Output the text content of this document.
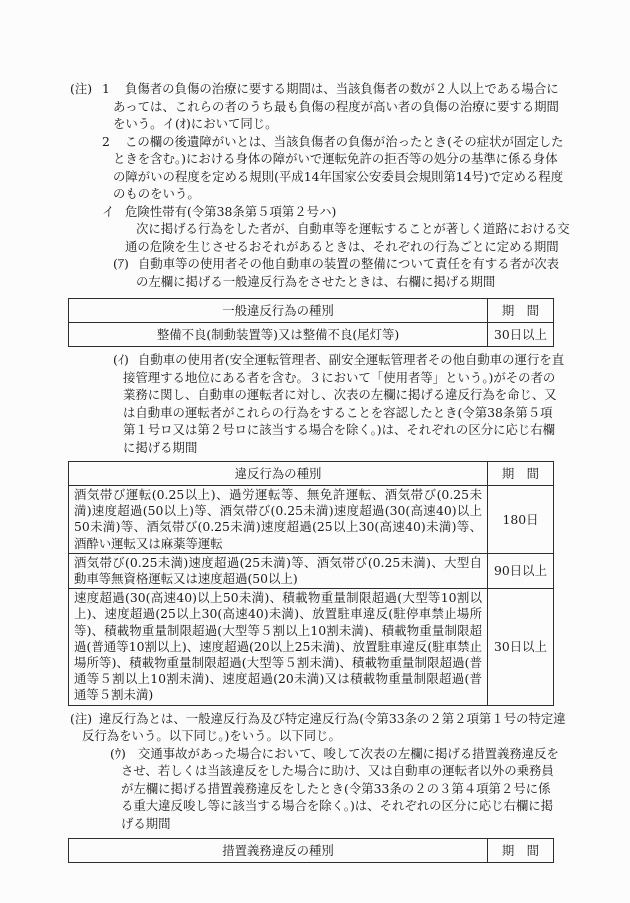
(注) 1 負傷者の負傷の治療に要する期間は、当該負傷者の数が２人以上である場合に
あっては、これらの者のうち最も負傷の程度が高い者の負傷の治療に要する期間
をいう。イ(ｵ)において同じ。
2 この欄の後遺障がいとは、当該負傷者の負傷が治ったとき(その症状が固定した
ときを含む。)における身体の障がいで運転免許の拒否等の処分の基準に係る身体
の障がいの程度を定める規則(平成14年国家公安委員会規則第14号)で定める程度
のものをいう。
イ 危険性帯有(令第38条第５項第２号ハ)
次に掲げる行為をした者が、自動車等を運転することが著しく道路における交
通の危険を生じさせるおそれがあるときは、それぞれの行為ごとに定める期間
(ｱ) 自動車等の使用者その他自動車の装置の整備について責任を有する者が次表
の左欄に掲げる一般違反行為をさせたときは、右欄に掲げる期間
一般違反行為の種別	期　間
整備不良(制動装置等)又は整備不良(尾灯等)	30日以上
(ｲ) 自動車の使用者(安全運転管理者、副安全運転管理者その他自動車の運行を直
接管理する地位にある者を含む。３において「使用者等」という。)がその者の
業務に関し、自動車の運転者に対し、次表の左欄に掲げる違反行為を命じ、又
は自動車の運転者がこれらの行為をすることを容認したとき(令第38条第５項
第１号ロ又は第２号ロに該当する場合を除く。)は、それぞれの区分に応じ右欄
に掲げる期間
違反行為の種別	期　間
酒気帯び運転(0.25以上)、過労運転等、無免許運転、酒気帯び(0.25未満)速度超過(50以上)等、酒気帯び(0.25未満)速度超過(30(高速40)以上50未満)等、酒気帯び(0.25未満)速度超過(25以上30(高速40)未満)等、酒酔い運転又は麻薬等運転	180日
酒気帯び(0.25未満)速度超過(25未満)等、酒気帯び(0.25未満)、大型自動車等無資格運転又は速度超過(50以上)	90日以上
速度超過(30(高速40)以上50未満)、積載物重量制限超過(大型等10割以上)、速度超過(25以上30(高速40)未満)、放置駐車違反(駐停車禁止場所等)、積載物重量制限超過(大型等５割以上10割未満)、積載物重量制限超過(普通等10割以上)、速度超過(20以上25未満)、放置駐車違反(駐車禁止場所等)、積載物重量制限超過(大型等５割未満)、積載物重量制限超過(普通等５割以上10割未満)、速度超過(20未満)又は積載物重量制限超過(普通等５割未満)	30日以上
(注) 違反行為とは、一般違反行為及び特定違反行為(令第33条の２第２項第１号の特定違
反行為をいう。以下同じ。)をいう。以下同じ。
(ｳ) 交通事故があった場合において、唆して次表の左欄に掲げる措置義務違反を
させ、若しくは当該違反をした場合に助け、又は自動車の運転者以外の乗務員
が左欄に掲げる措置義務違反をしたとき(令第33条の２の３第４項第２号に係
る重大違反唆し等に該当する場合を除く。)は、それぞれの区分に応じ右欄に掲
げる期間
措置義務違反の種別	期　間
